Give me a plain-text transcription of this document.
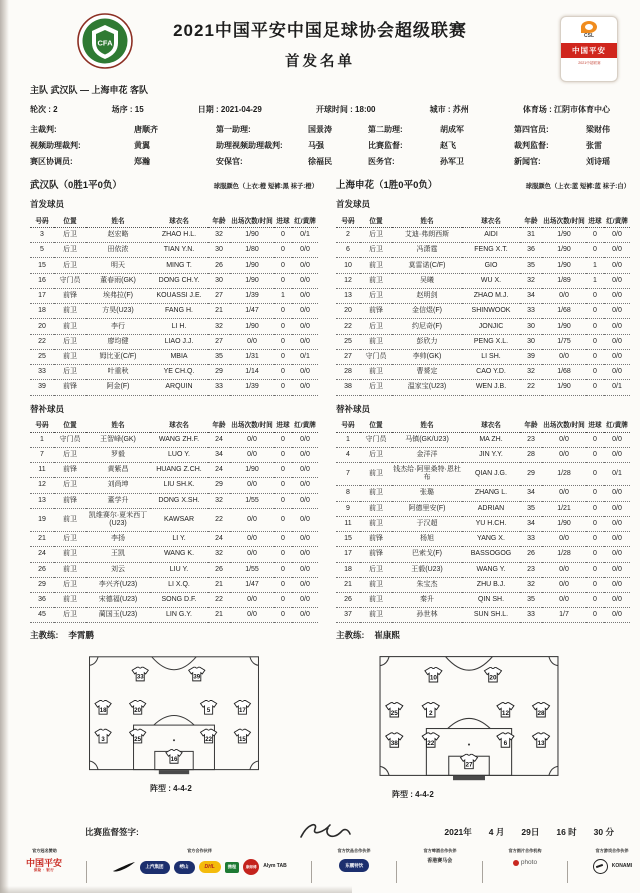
CFA
2021中国平安中国足球协会超级联赛
首发名单
CSL
中国平安
2021中超联赛
主队 武汉队 — 上海申花 客队
轮次 : 2	场序 : 15	日期 : 2021-04-29	开球时间 : 18:00	城市 : 苏州	体育场 : 江阴市体育中心
主裁判:	唐顺齐	第一助理:	国景涛	第二助理:	胡成军	第四官员:	梁财伟
视频助理裁判:	黄翼	助理视频助理裁判:	马强	比赛监督:	赵飞	裁判监督:	张雷
赛区协调员:	郑瀚	安保官:	徐福民	医务官:	孙军卫	新闻官:	刘诗瑶
武汉队（0胜1平0负）	球服颜色（上衣:橙 短裤:黑 袜子:橙）
首发球员
号码	位置	姓名	球衣名	年龄	出场次数/时间	进球	红/黄牌
3	后卫	赵宏略	ZHAO H.L.	32	1/90	0	0/1
5	后卫	田依浓	TIAN Y.N.	30	1/80	0	0/0
15	后卫	明天	MING T.	26	1/90	0	0/0
16	守门员	董春雨(GK)	DONG CH.Y.	30	1/90	0	0/0
17	前锋	埃弗拉(F)	KOUASSI J.E.	27	1/39	1	0/0
18	前卫	方昊(U23)	FANG H.	21	1/47	0	0/0
20	前卫	李行	LI H.	32	1/90	0	0/0
22	后卫	廖均健	LIAO J.J.	27	0/0	0	0/0
25	前卫	姆比亚(C/F)	MBIA	35	1/31	0	0/1
33	后卫	叶重秋	YE CH.Q.	29	1/14	0	0/0
39	前锋	阿金(F)	ARQUIN	33	1/39	0	0/0
替补球员
号码	位置	姓名	球衣名	年龄	出场次数/时间	进球	红/黄牌
1	守门员	王智峰(GK)	WANG ZH.F.	24	0/0	0	0/0
7	后卫	罗毅	LUO Y.	34	0/0	0	0/0
11	前锋	黄紫昌	HUANG Z.CH.	24	1/90	0	0/0
12	后卫	刘尚坤	LIU SH.K.	29	0/0	0	0/0
13	前锋	董学升	DONG X.SH.	32	1/55	0	0/0
19	前卫	凯维赛尔·夏米西丁(U23)	KAWSAR	22	0/0	0	0/0
21	后卫	李扬	LI Y.	24	0/0	0	0/0
24	前卫	王凯	WANG K.	32	0/0	0	0/0
26	前卫	刘云	LIU Y.	26	1/55	0	0/0
29	后卫	李兴齐(U23)	LI X.Q.	21	1/47	0	0/0
36	前卫	宋德福(U23)	SONG D.F.	22	0/0	0	0/0
45	后卫	蔺国玉(U23)	LIN G.Y.	21	0/0	0	0/0
主教练: 李霄鹏
上海申花（1胜0平0负）	球服颜色（上衣:蓝 短裤:蓝 袜子:白）
首发球员
号码	位置	姓名	球衣名	年龄	出场次数/时间	进球	红/黄牌
2	后卫	艾迪·弗朗西斯	AIDI	31	1/90	0	0/0
6	后卫	冯潇霆	FENG X.T.	36	1/90	0	0/0
10	前卫	莫雷诺(C/F)	GIO	35	1/90	1	0/0
12	前卫	吴曦	WU X.	32	1/89	1	0/0
13	后卫	赵明剑	ZHAO M.J.	34	0/0	0	0/0
20	前锋	金信煜(F)	SHINWOOK	33	1/68	0	0/0
22	后卫	约尼奇(F)	JONJIC	30	1/90	0	0/0
25	前卫	彭欣力	PENG X.L.	30	1/75	0	0/0
27	守门员	李帅(GK)	LI SH.	39	0/0	0	0/0
28	前卫	曹赟定	CAO Y.D.	32	1/68	0	0/0
38	后卫	温家宝(U23)	WEN J.B.	22	1/90	0	0/1
替补球员
号码	位置	姓名	球衣名	年龄	出场次数/时间	进球	红/黄牌
1	守门员	马镇(GK/U23)	MA ZH.	23	0/0	0	0/0
4	后卫	金洋洋	JIN Y.Y.	28	0/0	0	0/0
7	前卫	钱杰给·阿里桑特·恩杜布	QIAN J.G.	29	1/28	0	0/1
8	前卫	张璐	ZHANG L.	34	0/0	0	0/0
9	前卫	阿德里安(F)	ADRIAN	35	1/21	0	0/0
11	前卫	于汉超	YU H.CH.	34	1/90	0	0/0
15	前锋	杨旭	YANG X.	33	0/0	0	0/0
17	前锋	巴索戈(F)	BASSOGOG	26	1/28	0	0/0
18	后卫	王毅(U23)	WANG Y.	23	0/0	0	0/0
21	前卫	朱宝杰	ZHU B.J.	32	0/0	0	0/0
26	前卫	秦升	QIN SH.	35	0/0	0	0/0
37	前卫	孙世林	SUN SH.L.	33	1/7	0	0/0
主教练: 崔康熙
33	39
18	20	5	17
3	25	22	15
16
阵型 : 4-4-2
10	20
25	2	12	28
38	22	6	13
27
阵型 : 4-4-2
比赛监督签字:	2021年 4 月 29日 16 时 30 分
官方冠名赞助
中国平安 保险 · 银行
官方合作伙伴
上汽集团	崂山	DHL	携程	康师傅	Alym TAB
官方饮品合作伙伴
东鹏特饮
官方啤酒合作伙伴
香港赛马会
官方图片合作机构
photo
官方游戏合作伙伴
KONAMI
